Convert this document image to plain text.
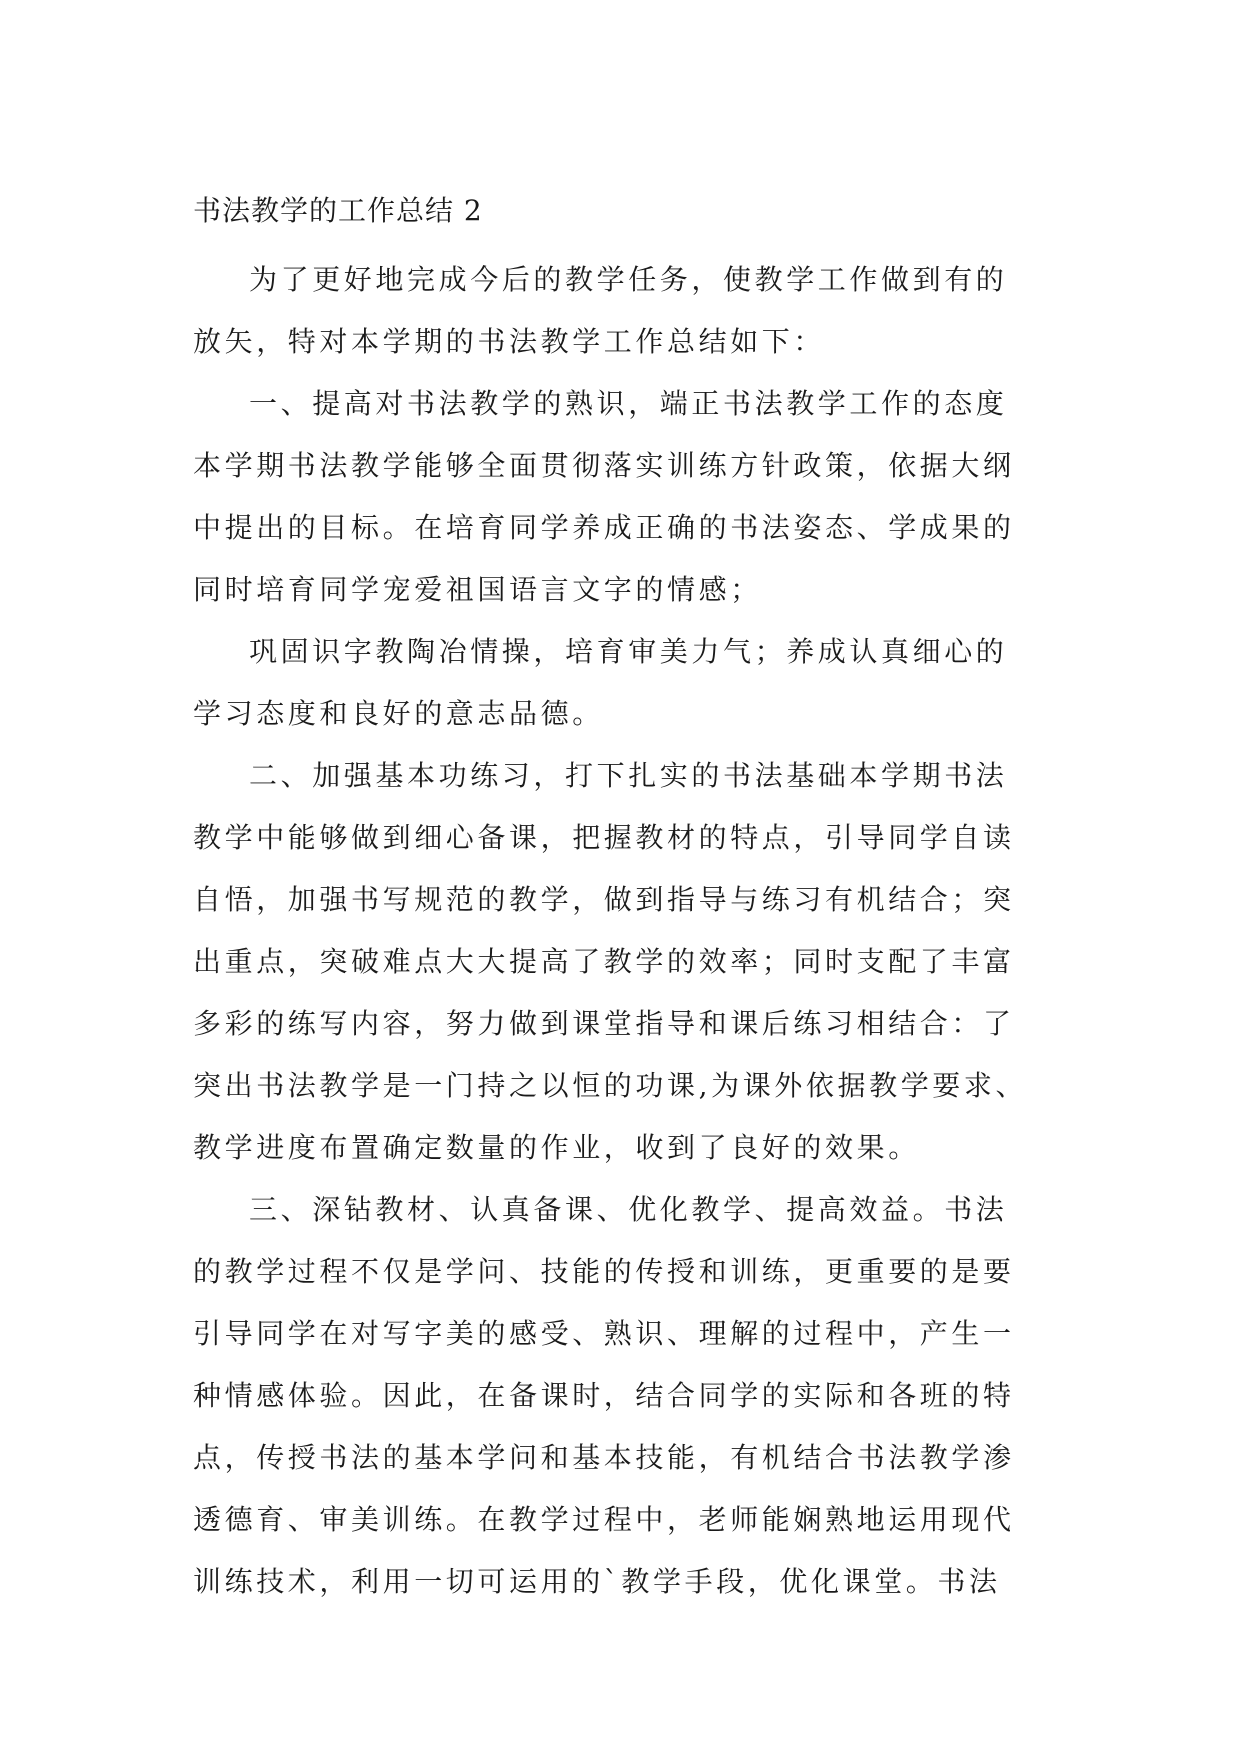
书法教学的工作总结 2

为了更好地完成今后的教学任务，使教学工作做到有的
放矢，特对本学期的书法教学工作总结如下：

一、提高对书法教学的熟识，端正书法教学工作的态度
本学期书法教学能够全面贯彻落实训练方针政策，依据大纲
中提出的目标。在培育同学养成正确的书法姿态、学成果的
同时培育同学宠爱祖国语言文字的情感；

巩固识字教陶冶情操，培育审美力气；养成认真细心的
学习态度和良好的意志品德。

二、加强基本功练习，打下扎实的书法基础本学期书法
教学中能够做到细心备课，把握教材的特点，引导同学自读
自悟，加强书写规范的教学，做到指导与练习有机结合；突
出重点，突破难点大大提高了教学的效率；同时支配了丰富
多彩的练写内容，努力做到课堂指导和课后练习相结合：了
突出书法教学是一门持之以恒的功课,为课外依据教学要求、
教学进度布置确定数量的作业，收到了良好的效果。

三、深钻教材、认真备课、优化教学、提高效益。书法
的教学过程不仅是学问、技能的传授和训练，更重要的是要
引导同学在对写字美的感受、熟识、理解的过程中，产生一
种情感体验。因此，在备课时，结合同学的实际和各班的特
点，传授书法的基本学问和基本技能，有机结合书法教学渗
透德育、审美训练。在教学过程中，老师能娴熟地运用现代
训练技术，利用一切可运用的`教学手段，优化课堂。书法
